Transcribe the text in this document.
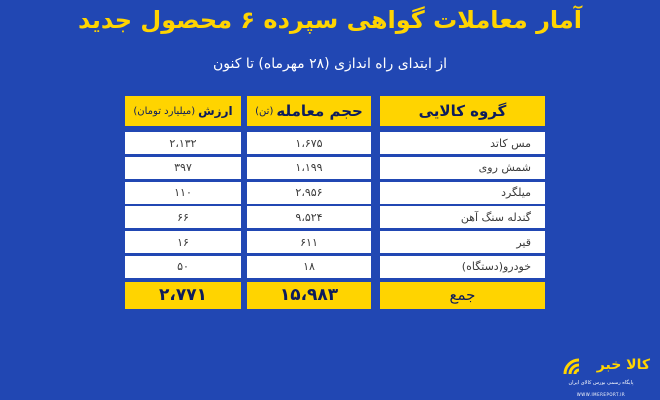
آمار معاملات گواهی سپرده ۶ محصول جدید
از ابتدای راه اندازی (۲۸ مهرماه) تا کنون
گروه کالایی
حجم معامله
(تن)
ارزش
(میلیارد تومان)
مس کاتد
۱،۶۷۵
۲،۱۳۲
شمش روی
۱،۱۹۹
۳۹۷
میلگرد
۲،۹۵۶
۱۱۰
گندله سنگ آهن
۹،۵۲۴
۶۶
قیر
۶۱۱
۱۶
خودرو(دستگاه)
۱۸
۵۰
جمع
۱۵،۹۸۳
۲،۷۷۱
کالا خبر
پایگاه رسمی بورس کالای ایران
WWW.IMEREPORT.IR
